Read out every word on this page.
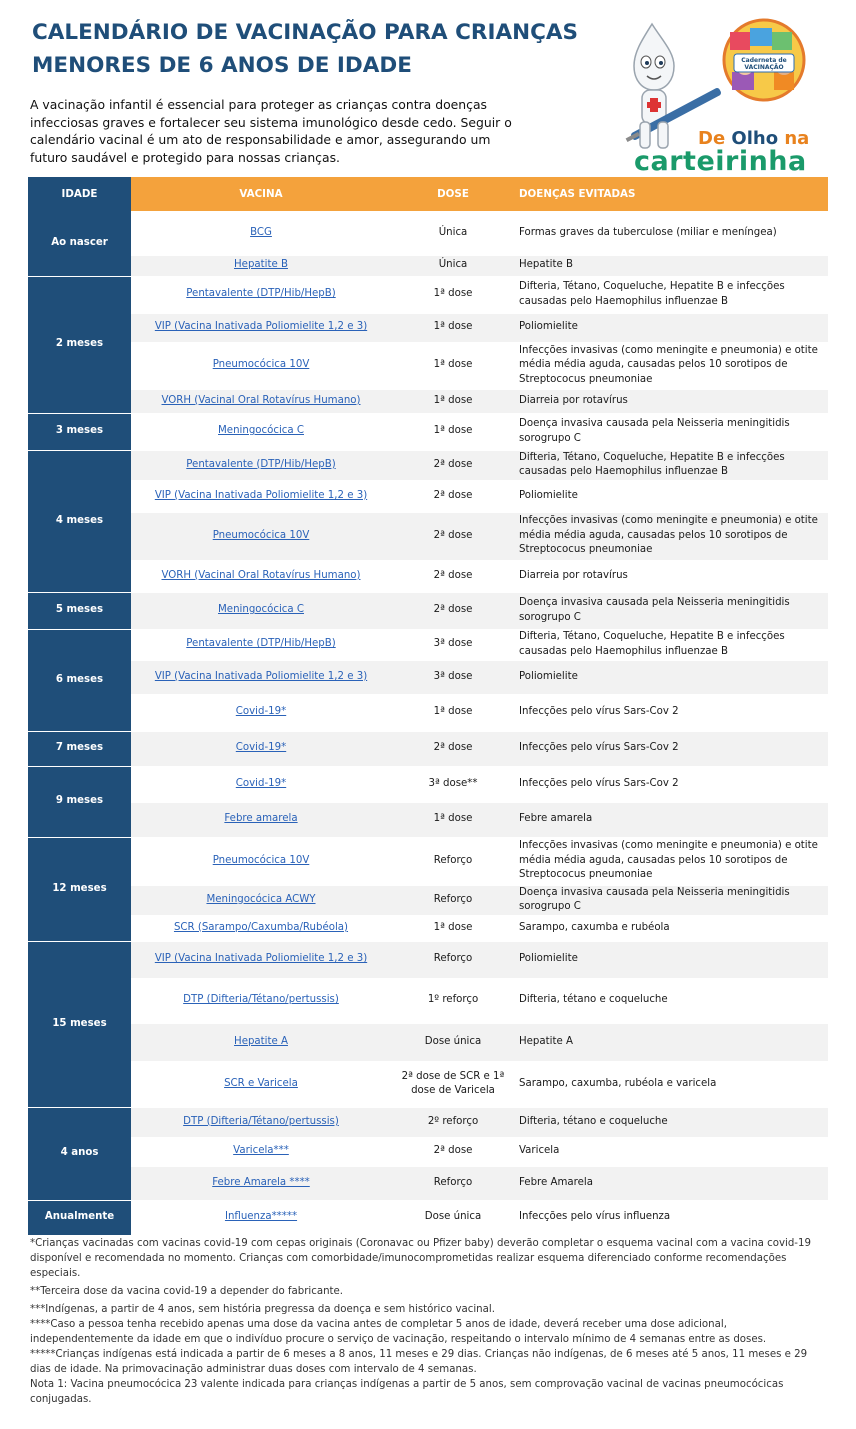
CALENDÁRIO DE VACINAÇÃO PARA CRIANÇAS
MENORES DE 6 ANOS DE IDADE

A vacinação infantil é essencial para proteger as crianças contra doenças infecciosas graves e fortalecer seu sistema imunológico desde cedo. Seguir o calendário vacinal é um ato de responsabilidade e amor, assegurando um futuro saudável e protegido para nossas crianças.

Caderneta de
VACINAÇÃO
De Olho na
carteirinha
IDADE	VACINA	DOSE	DOENÇAS EVITADAS
Ao nascer	BCG	Única	Formas graves da tuberculose (miliar e meníngea)
	Hepatite B	Única	Hepatite B
2 meses	Pentavalente (DTP/Hib/HepB)	1ª dose	Difteria, Tétano, Coqueluche, Hepatite B e infecções causadas pelo Haemophilus influenzae B
	VIP (Vacina Inativada Poliomielite 1,2 e 3)	1ª dose	Poliomielite
	Pneumocócica 10V	1ª dose	Infecções invasivas (como meningite e pneumonia) e otite média média aguda, causadas pelos 10 sorotipos de Streptococus pneumoniae
	VORH (Vacinal Oral Rotavírus Humano)	1ª dose	Diarreia por rotavírus
3 meses	Meningocócica C	1ª dose	Doença invasiva causada pela Neisseria meningitidis sorogrupo C
4 meses	Pentavalente (DTP/Hib/HepB)	2ª dose	Difteria, Tétano, Coqueluche, Hepatite B e infecções causadas pelo Haemophilus influenzae B
	VIP (Vacina Inativada Poliomielite 1,2 e 3)	2ª dose	Poliomielite
	Pneumocócica 10V	2ª dose	Infecções invasivas (como meningite e pneumonia) e otite média média aguda, causadas pelos 10 sorotipos de Streptococus pneumoniae
	VORH (Vacinal Oral Rotavírus Humano)	2ª dose	Diarreia por rotavírus
5 meses	Meningocócica C	2ª dose	Doença invasiva causada pela Neisseria meningitidis sorogrupo C
6 meses	Pentavalente (DTP/Hib/HepB)	3ª dose	Difteria, Tétano, Coqueluche, Hepatite B e infecções causadas pelo Haemophilus influenzae B
	VIP (Vacina Inativada Poliomielite 1,2 e 3)	3ª dose	Poliomielite
	Covid-19*	1ª dose	Infecções pelo vírus Sars-Cov 2
7 meses	Covid-19*	2ª dose	Infecções pelo vírus Sars-Cov 2
9 meses	Covid-19*	3ª dose**	Infecções pelo vírus Sars-Cov 2
	Febre amarela	1ª dose	Febre amarela
12 meses	Pneumocócica 10V	Reforço	Infecções invasivas (como meningite e pneumonia) e otite média média aguda, causadas pelos 10 sorotipos de Streptococus pneumoniae
	Meningocócica ACWY	Reforço	Doença invasiva causada pela Neisseria meningitidis sorogrupo C
	SCR (Sarampo/Caxumba/Rubéola)	1ª dose	Sarampo, caxumba e rubéola
15 meses	VIP (Vacina Inativada Poliomielite 1,2 e 3)	Reforço	Poliomielite
	DTP (Difteria/Tétano/pertussis)	1º reforço	Difteria, tétano e coqueluche
	Hepatite A	Dose única	Hepatite A
	SCR e Varicela	2ª dose de SCR e 1ª dose de Varicela	Sarampo, caxumba, rubéola e varicela
4 anos	DTP (Difteria/Tétano/pertussis)	2º reforço	Difteria, tétano e coqueluche
	Varicela***	2ª dose	Varicela
	Febre Amarela ****	Reforço	Febre Amarela
Anualmente	Influenza*****	Dose única	Infecções pelo vírus influenza

*Crianças vacinadas com vacinas covid-19 com cepas originais (Coronavac ou Pfizer baby) deverão completar o esquema vacinal com a vacina covid-19 disponível e recomendada no momento. Crianças com comorbidade/imunocomprometidas realizar esquema diferenciado conforme recomendações especiais.

**Terceira dose da vacina covid-19 a depender do fabricante.

***Indígenas, a partir de 4 anos, sem história pregressa da doença e sem histórico vacinal.

****Caso a pessoa tenha recebido apenas uma dose da vacina antes de completar 5 anos de idade, deverá receber uma dose adicional, independentemente da idade em que o indivíduo procure o serviço de vacinação, respeitando o intervalo mínimo de 4 semanas entre as doses.

*****Crianças indígenas está indicada a partir de 6 meses a 8 anos, 11 meses e 29 dias. Crianças não indígenas, de 6 meses até 5 anos, 11 meses e 29 dias de idade. Na primovacinação administrar duas doses com intervalo de 4 semanas.

Nota 1: Vacina pneumocócica 23 valente indicada para crianças indígenas a partir de 5 anos, sem comprovação vacinal de vacinas pneumocócicas conjugadas.
